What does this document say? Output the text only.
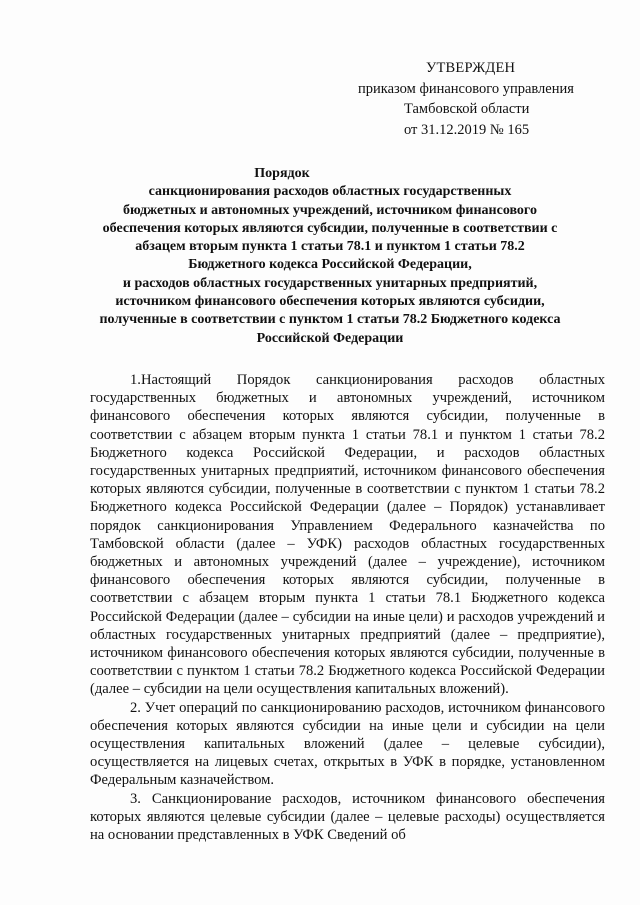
УТВЕРЖДЕН
приказом финансового управления
Тамбовской области
от 31.12.2019 № 165
Порядок
санкционирования расходов областных государственных
бюджетных и автономных учреждений, источником финансового
обеспечения которых являются субсидии, полученные в соответствии с
абзацем вторым пункта 1 статьи 78.1 и пунктом 1 статьи 78.2
Бюджетного кодекса Российской Федерации,
и расходов областных государственных унитарных предприятий,
источником финансового обеспечения которых являются субсидии,
полученные в соответствии с пунктом 1 статьи 78.2 Бюджетного кодекса
Российской Федерации

1.Настоящий Порядок санкционирования расходов областных государственных бюджетных и автономных учреждений, источником финансового обеспечения которых являются субсидии, полученные в соответствии с абзацем вторым пункта 1 статьи 78.1 и пунктом 1 статьи 78.2 Бюджетного кодекса Российской Федерации, и расходов областных государственных унитарных предприятий, источником финансового обеспечения которых являются субсидии, полученные в соответствии с пунктом 1 статьи 78.2 Бюджетного кодекса Российской Федерации (далее – Порядок) устанавливает порядок санкционирования Управлением Федерального казначейства по Тамбовской области (далее – УФК) расходов областных государственных бюджетных и автономных учреждений (далее – учреждение), источником финансового обеспечения которых являются субсидии, полученные в соответствии с абзацем вторым пункта 1 статьи 78.1 Бюджетного кодекса Российской Федерации (далее – субсидии на иные цели) и расходов учреждений и областных государственных унитарных предприятий (далее – предприятие), источником финансового обеспечения которых являются субсидии, полученные в соответствии с пунктом 1 статьи 78.2 Бюджетного кодекса Российской Федерации (далее – субсидии на цели осуществления капитальных вложений).

2. Учет операций по санкционированию расходов, источником финансового обеспечения которых являются субсидии на иные цели и субсидии на цели осуществления капитальных вложений (далее – целевые субсидии), осуществляется на лицевых счетах, открытых в УФК в порядке, установленном Федеральным казначейством.

3. Санкционирование расходов, источником финансового обеспечения которых являются целевые субсидии (далее – целевые расходы) осуществляется на основании представленных в УФК Сведений об
